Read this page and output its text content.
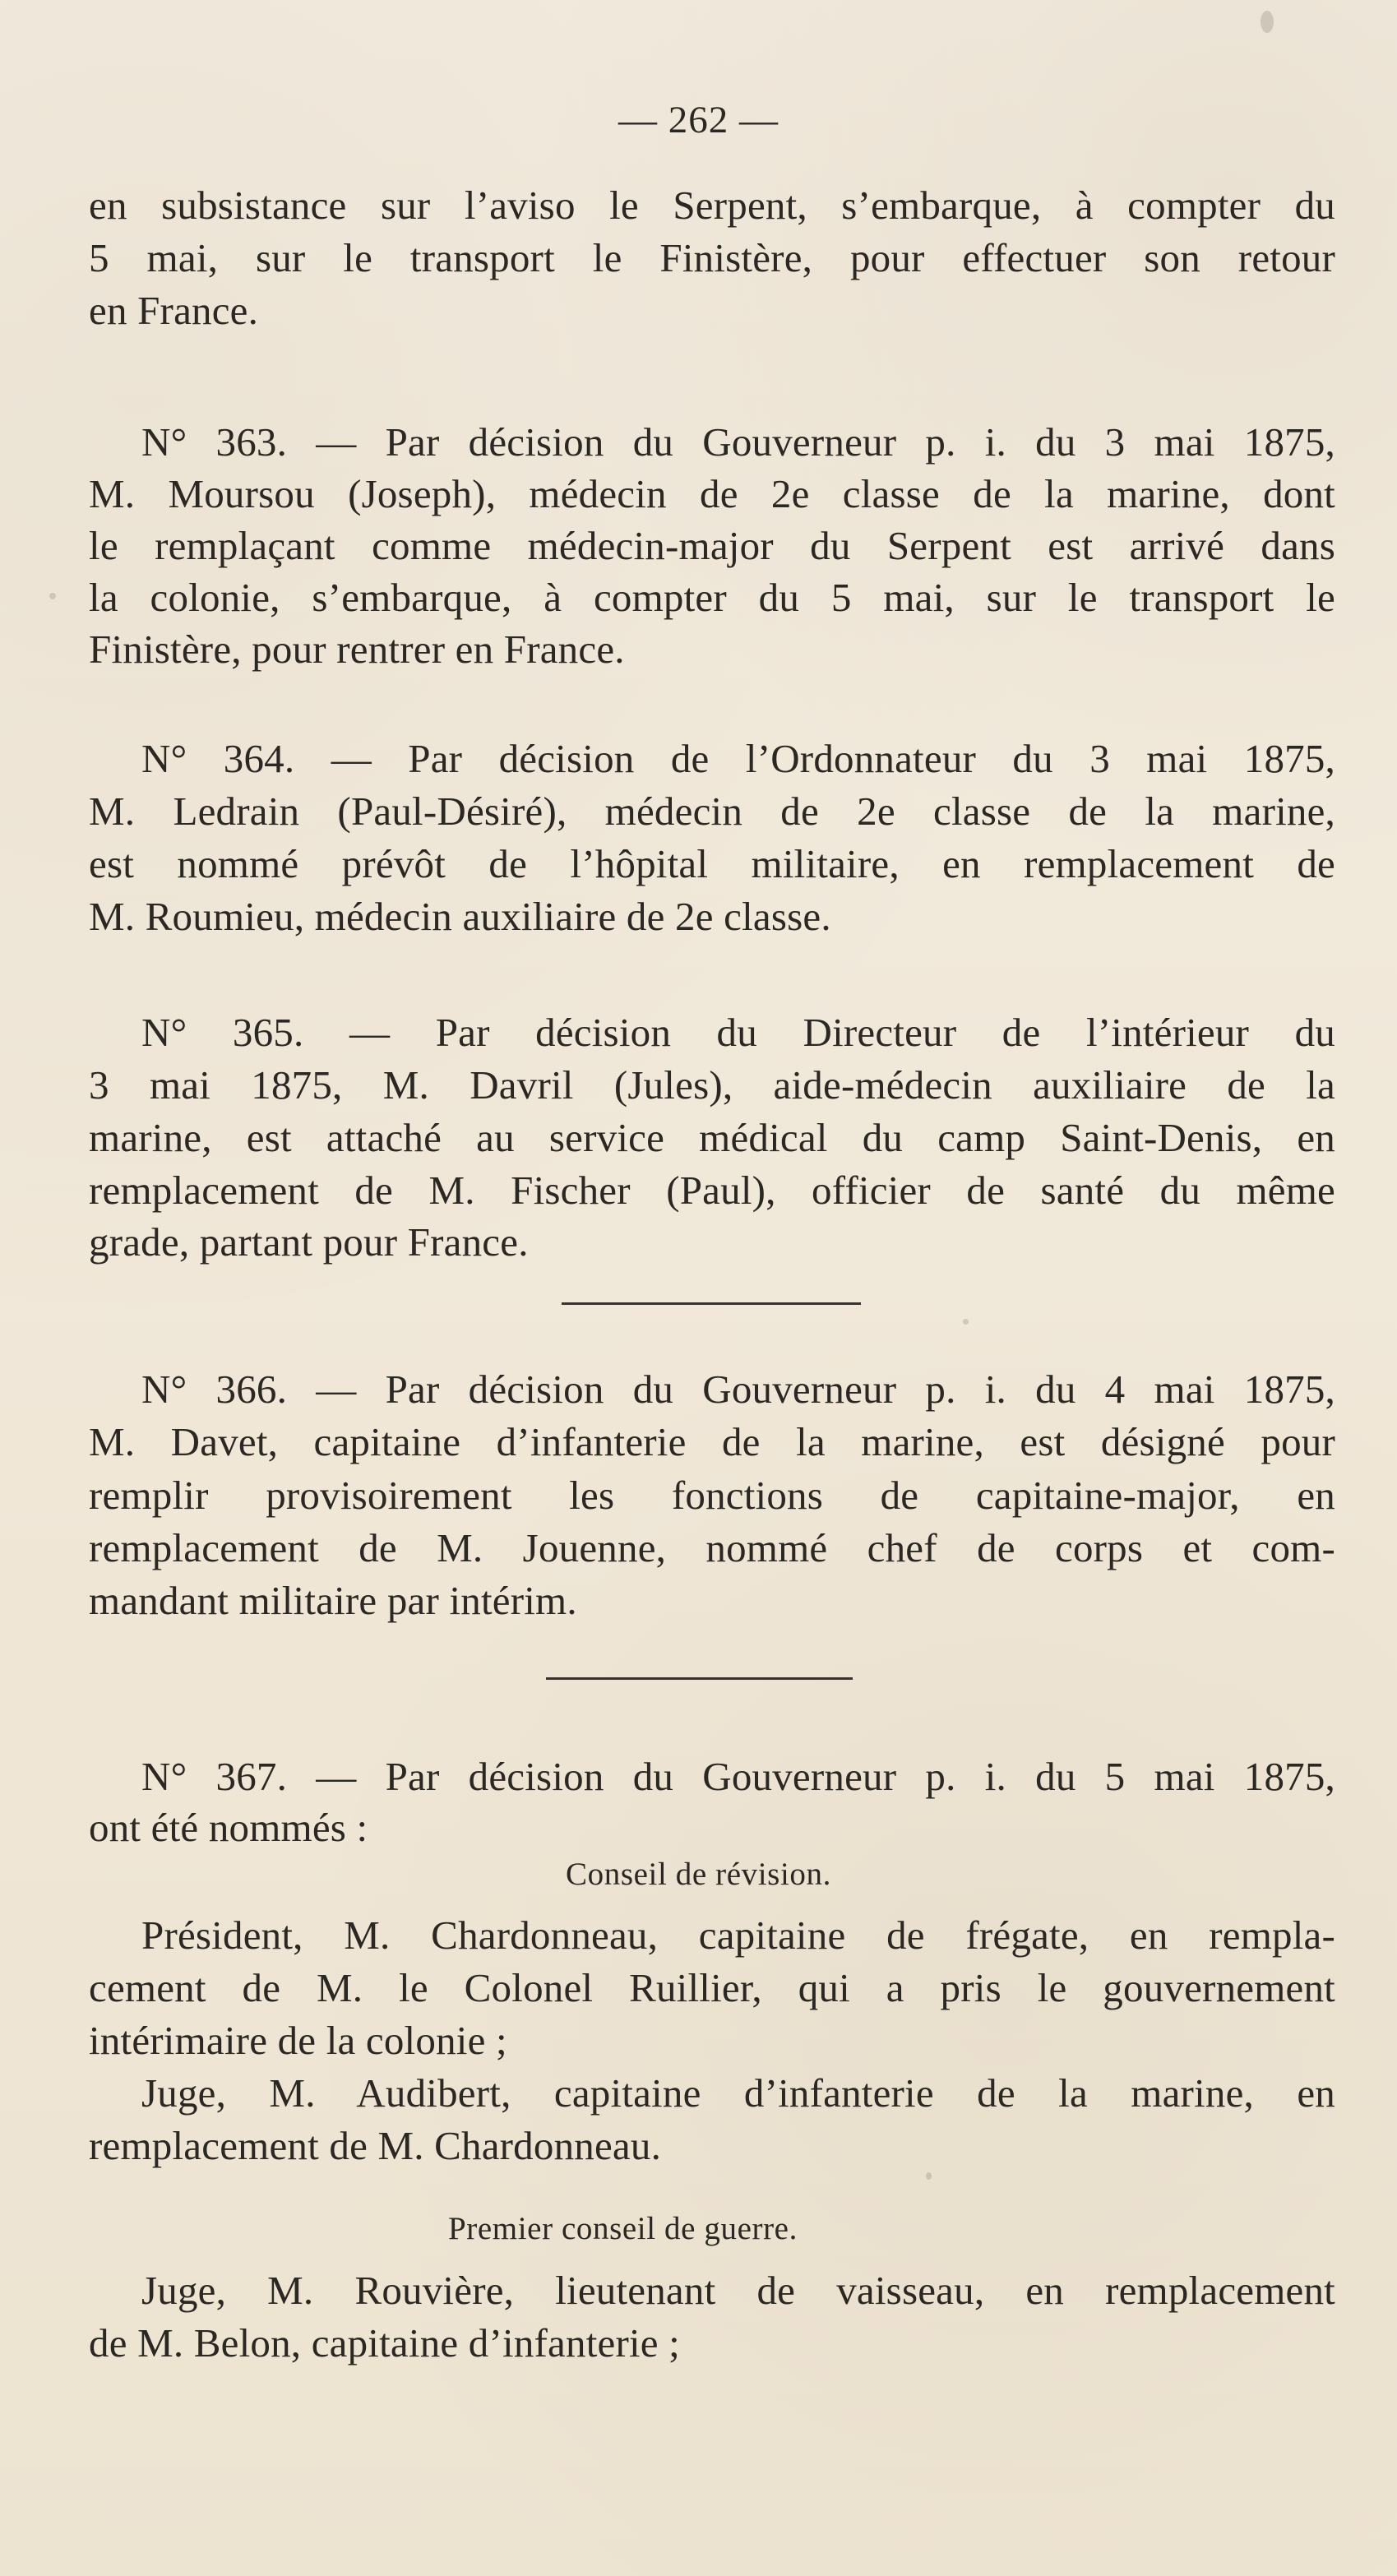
— 262 —
en subsistance sur l’aviso le Serpent, s’embarque, à compter du
5 mai, sur le transport le Finistère, pour effectuer son retour
en France.
N° 363. — Par décision du Gouverneur p. i. du 3 mai 1875,
M. Moursou (Joseph), médecin de 2e classe de la marine, dont
le remplaçant comme médecin-major du Serpent est arrivé dans
la colonie, s’embarque, à compter du 5 mai, sur le transport le
Finistère, pour rentrer en France.
N° 364. — Par décision de l’Ordonnateur du 3 mai 1875,
M. Ledrain (Paul-Désiré), médecin de 2e classe de la marine,
est nommé prévôt de l’hôpital militaire, en remplacement de
M. Roumieu, médecin auxiliaire de 2e classe.
N° 365. — Par décision du Directeur de l’intérieur du
3 mai 1875, M. Davril (Jules), aide-médecin auxiliaire de la
marine, est attaché au service médical du camp Saint-Denis, en
remplacement de M. Fischer (Paul), officier de santé du même
grade, partant pour France.
N° 366. — Par décision du Gouverneur p. i. du 4 mai 1875,
M. Davet, capitaine d’infanterie de la marine, est désigné pour
remplir provisoirement les fonctions de capitaine-major, en
remplacement de M. Jouenne, nommé chef de corps et com-
mandant militaire par intérim.
N° 367. — Par décision du Gouverneur p. i. du 5 mai 1875,
ont été nommés :
Conseil de révision.
Président, M. Chardonneau, capitaine de frégate, en rempla-
cement de M. le Colonel Ruillier, qui a pris le gouvernement
intérimaire de la colonie ;
Juge, M. Audibert, capitaine d’infanterie de la marine, en
remplacement de M. Chardonneau.
Premier conseil de guerre.
Juge, M. Rouvière, lieutenant de vaisseau, en remplacement
de M. Belon, capitaine d’infanterie ;
